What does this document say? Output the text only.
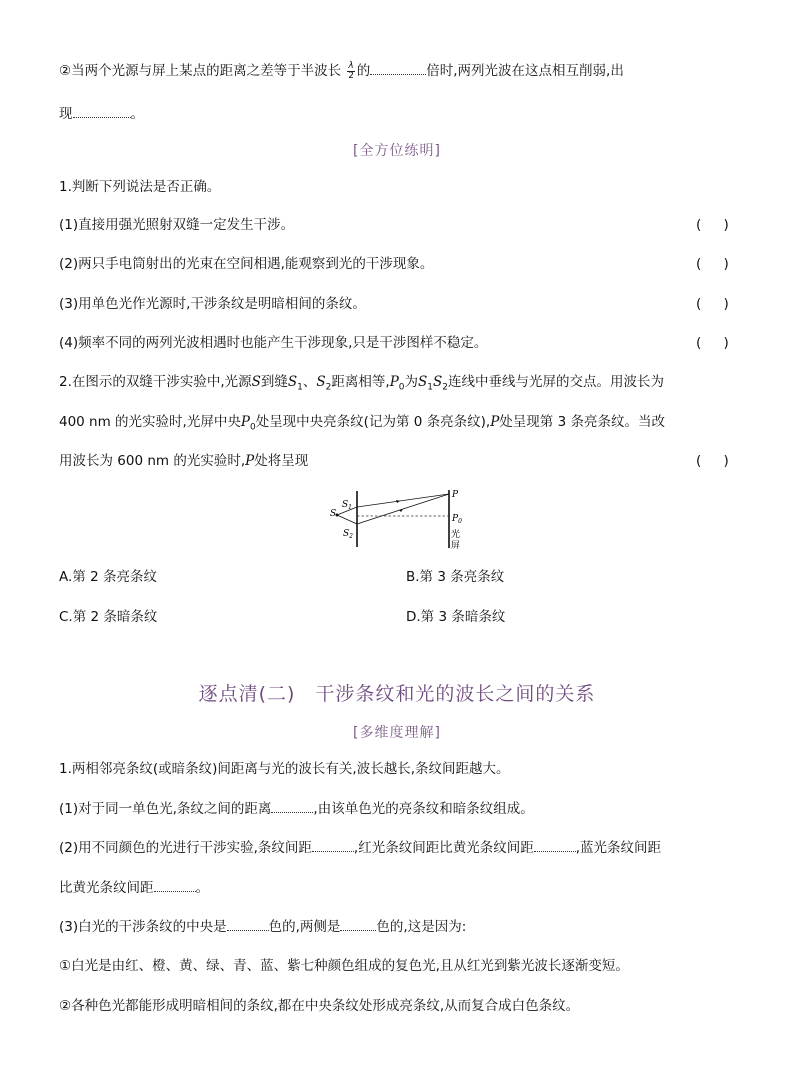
②当两个光源与屏上某点的距离之差等于半波长 $\frac{\lambda}{2}$ 的	倍时,两列光波在这点相互削弱,出
现	。
[全方位练明]
1.判断下列说法是否正确。
(1)直接用强光照射双缝一定发生干涉。	( )
(2)两只手电筒射出的光束在空间相遇,能观察到光的干涉现象。	( )
(3)用单色光作光源时,干涉条纹是明暗相间的条纹。	( )
(4)频率不同的两列光波相遇时也能产生干涉现象,只是干涉图样不稳定。	( )
2.在图示的双缝干涉实验中,光源S到缝$S_1$、$S_2$距离相等$,P_0$为$S_1S_2$连线中垂线与光屏的交点。用波长为
400 nm 的光实验时,光屏中央$P_0$处呈现中央亮条纹(记为第 0 条亮条纹),P处呈现第 3 条亮条纹。当改
用波长为 600 nm 的光实验时,P处将呈现	( )
S
$S_1$
$S_2$
P
$P_0$
光
屏
A.第 2 条亮条纹	B.第 3 条亮条纹
C.第 2 条暗条纹	D.第 3 条暗条纹
逐点清(二)　干涉条纹和光的波长之间的关系
[多维度理解]
1.两相邻亮条纹(或暗条纹)间距离与光的波长有关,波长越长,条纹间距越大。
(1)对于同一单色光,条纹之间的距离	,由该单色光的亮条纹和暗条纹组成。
(2)用不同颜色的光进行干涉实验,条纹间距	,红光条纹间距比黄光条纹间距	,蓝光条纹间距
比黄光条纹间距	。
(3)白光的干涉条纹的中央是	色的,两侧是	色的,这是因为:
①白光是由红、橙、黄、绿、青、蓝、紫七种颜色组成的复色光,且从红光到紫光波长逐渐变短。
②各种色光都能形成明暗相间的条纹,都在中央条纹处形成亮条纹,从而复合成白色条纹。
